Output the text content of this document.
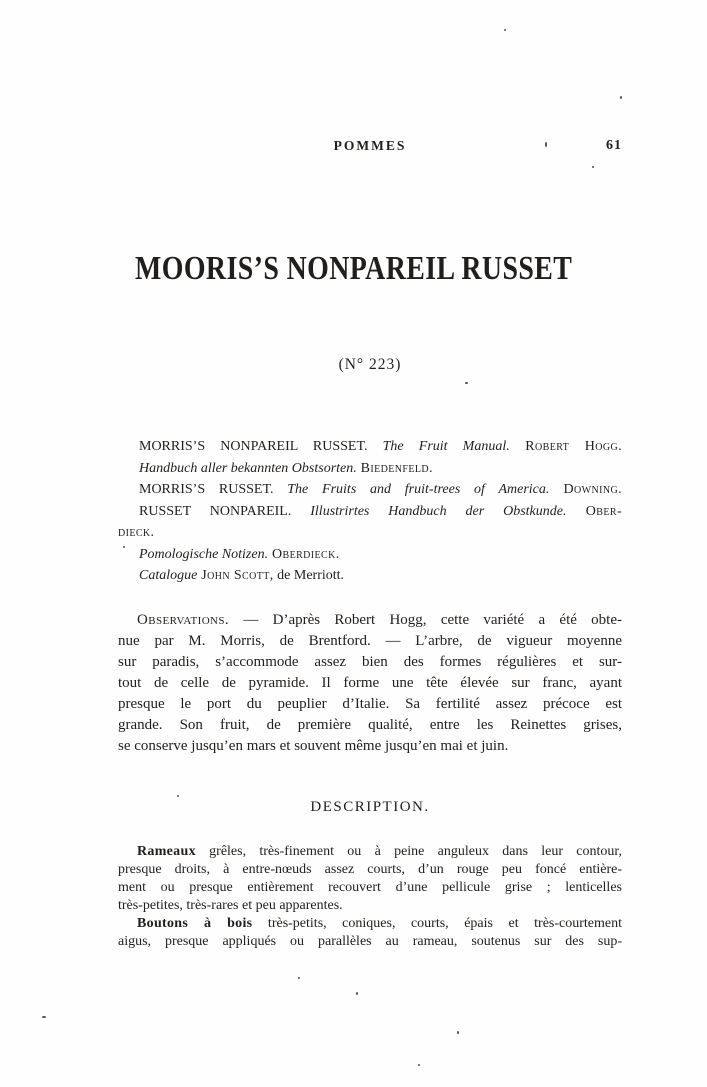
POMMES	61
MOORIS’S NONPAREIL RUSSET
(N° 223)
MORRIS’S NONPAREIL RUSSET. The Fruit Manual. Robert Hogg.
Handbuch aller bekannten Obstsorten. Biedenfeld.
MORRIS’S RUSSET. The Fruits and fruit-trees of America. Downing.
RUSSET NONPAREIL. Illustrirtes Handbuch der Obstkunde. Ober-
dieck.
Pomologische Notizen. Oberdieck.
Catalogue John Scott, de Merriott.
Observations. — D’après Robert Hogg, cette variété a été obte-
nue par M. Morris, de Brentford. — L’arbre, de vigueur moyenne
sur paradis, s’accommode assez bien des formes régulières et sur-
tout de celle de pyramide. Il forme une tête élevée sur franc, ayant
presque le port du peuplier d’Italie. Sa fertilité assez précoce est
grande. Son fruit, de première qualité, entre les Reinettes grises,
se conserve jusqu’en mars et souvent même jusqu’en mai et juin.
DESCRIPTION.
Rameaux grêles, très-finement ou à peine anguleux dans leur contour,
presque droits, à entre-nœuds assez courts, d’un rouge peu foncé entière-
ment ou presque entièrement recouvert d’une pellicule grise ; lenticelles
très-petites, très-rares et peu apparentes.
Boutons à bois très-petits, coniques, courts, épais et très-courtement
aigus, presque appliqués ou parallèles au rameau, soutenus sur des sup-
